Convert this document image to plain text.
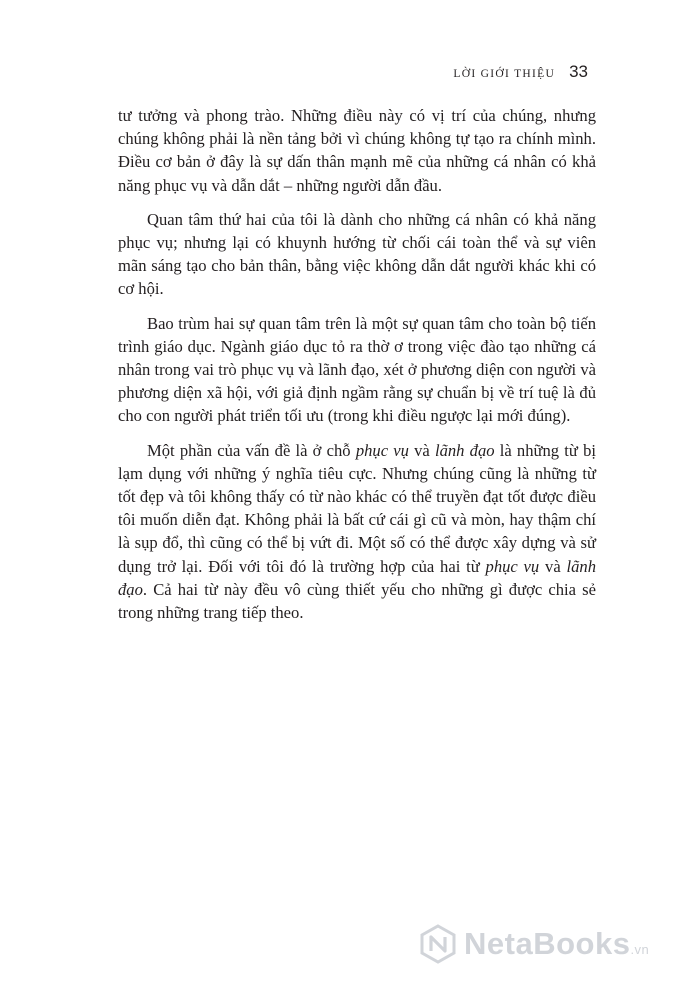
LỜI GIỚI THIỆU 33

tư tưởng và phong trào. Những điều này có vị trí của chúng, nhưng chúng không phải là nền tảng bởi vì chúng không tự tạo ra chính mình. Điều cơ bản ở đây là sự dấn thân mạnh mẽ của những cá nhân có khả năng phục vụ và dẫn dắt – những người dẫn đầu.

Quan tâm thứ hai của tôi là dành cho những cá nhân có khả năng phục vụ; nhưng lại có khuynh hướng từ chối cái toàn thể và sự viên mãn sáng tạo cho bản thân, bằng việc không dẫn dắt người khác khi có cơ hội.

Bao trùm hai sự quan tâm trên là một sự quan tâm cho toàn bộ tiến trình giáo dục. Ngành giáo dục tỏ ra thờ ơ trong việc đào tạo những cá nhân trong vai trò phục vụ và lãnh đạo, xét ở phương diện con người và phương diện xã hội, với giả định ngầm rằng sự chuẩn bị về trí tuệ là đủ cho con người phát triển tối ưu (trong khi điều ngược lại mới đúng).

Một phần của vấn đề là ở chỗ phục vụ và lãnh đạo là những từ bị lạm dụng với những ý nghĩa tiêu cực. Nhưng chúng cũng là những từ tốt đẹp và tôi không thấy có từ nào khác có thể truyền đạt tốt được điều tôi muốn diễn đạt. Không phải là bất cứ cái gì cũ và mòn, hay thậm chí là sụp đổ, thì cũng có thể bị vứt đi. Một số có thể được xây dựng và sử dụng trở lại. Đối với tôi đó là trường hợp của hai từ phục vụ và lãnh đạo. Cả hai từ này đều vô cùng thiết yếu cho những gì được chia sẻ trong những trang tiếp theo.

NetaBooks.vn
